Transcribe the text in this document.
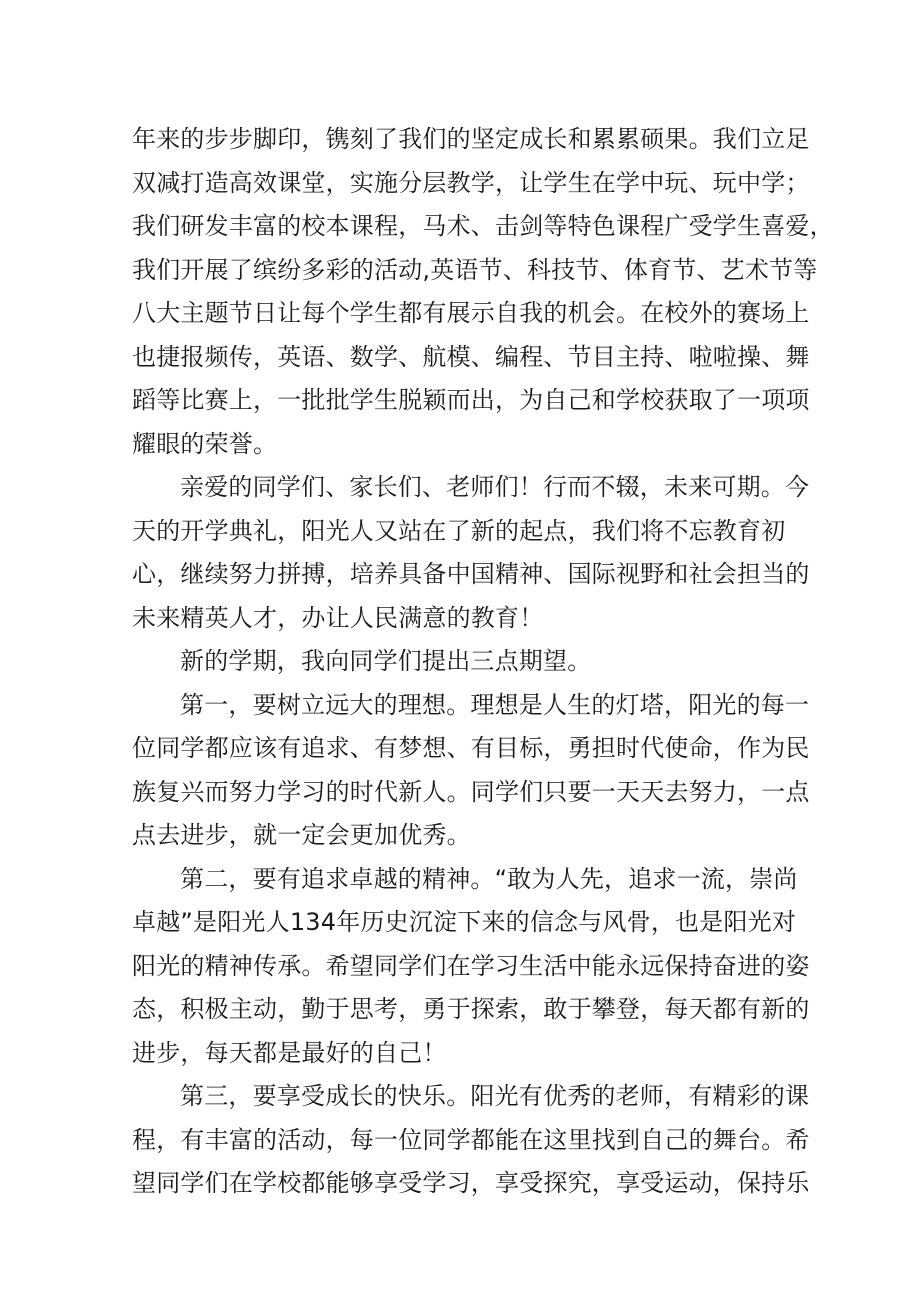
年来的步步脚印，镌刻了我们的坚定成长和累累硕果。我们立足
双减打造高效课堂，实施分层教学，让学生在学中玩、玩中学；
我们研发丰富的校本课程，马术、击剑等特色课程广受学生喜爱，
我们开展了缤纷多彩的活动,英语节、科技节、体育节、艺术节等
八大主题节日让每个学生都有展示自我的机会。在校外的赛场上
也捷报频传，英语、数学、航模、编程、节目主持、啦啦操、舞
蹈等比赛上，一批批学生脱颖而出，为自己和学校获取了一项项
耀眼的荣誉。

亲爱的同学们、家长们、老师们！行而不辍，未来可期。今
天的开学典礼，阳光人又站在了新的起点，我们将不忘教育初
心，继续努力拼搏，培养具备中国精神、国际视野和社会担当的
未来精英人才，办让人民满意的教育！

新的学期，我向同学们提出三点期望。

第一，要树立远大的理想。理想是人生的灯塔，阳光的每一
位同学都应该有追求、有梦想、有目标，勇担时代使命，作为民
族复兴而努力学习的时代新人。同学们只要一天天去努力，一点
点去进步，就一定会更加优秀。

第二，要有追求卓越的精神。“敢为人先，追求一流，崇尚
卓越”是阳光人134年历史沉淀下来的信念与风骨，也是阳光对
阳光的精神传承。希望同学们在学习生活中能永远保持奋进的姿
态，积极主动，勤于思考，勇于探索，敢于攀登，每天都有新的
进步，每天都是最好的自己！

第三，要享受成长的快乐。阳光有优秀的老师，有精彩的课
程，有丰富的活动，每一位同学都能在这里找到自己的舞台。希
望同学们在学校都能够享受学习，享受探究，享受运动，保持乐
